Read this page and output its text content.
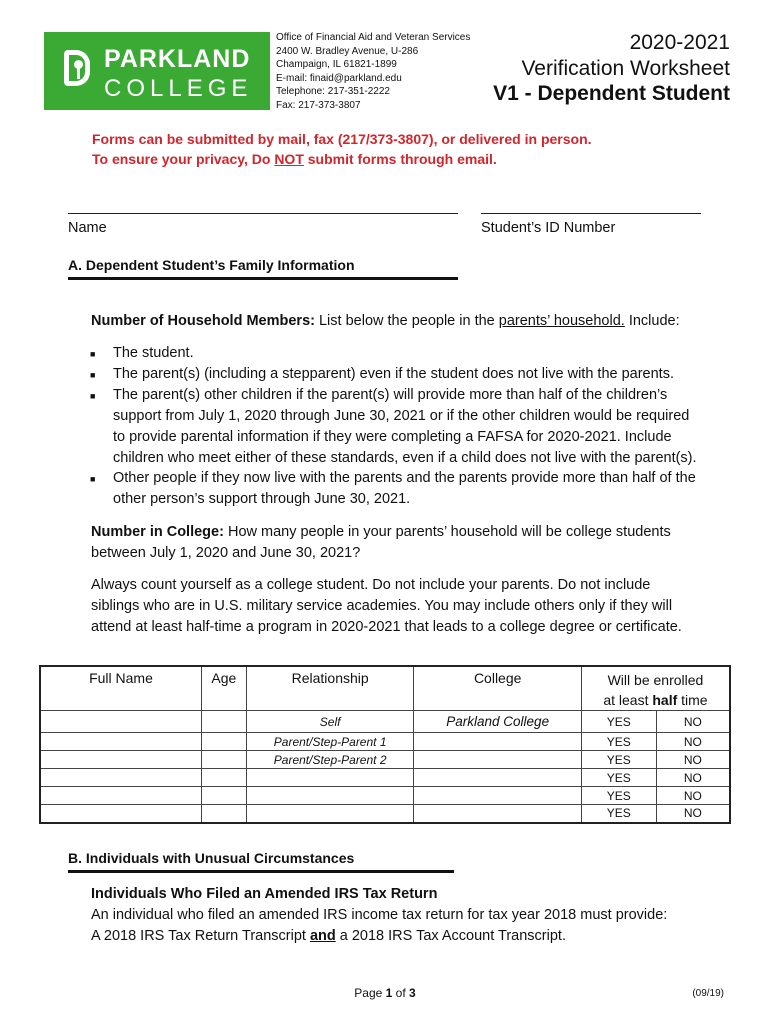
PARKLAND
COLLEGE
Office of Financial Aid and Veteran Services
2400 W. Bradley Avenue, U-286
Champaign, IL 61821-1899
E-mail: finaid@parkland.edu
Telephone: 217-351-2222
Fax: 217-373-3807
2020-2021
Verification Worksheet
V1 - Dependent Student
Forms can be submitted by mail, fax (217/373-3807), or delivered in person.
To ensure your privacy, Do NOT submit forms through email.
Name	Student’s ID Number
A. Dependent Student’s Family Information
Number of Household Members: List below the people in the parents’ household. Include:
■ The student.
■ The parent(s) (including a stepparent) even if the student does not live with the parents.
■ The parent(s) other children if the parent(s) will provide more than half of the children’s
support from July 1, 2020 through June 30, 2021 or if the other children would be required
to provide parental information if they were completing a FAFSA for 2020-2021. Include
children who meet either of these standards, even if a child does not live with the parent(s).
■ Other people if they now live with the parents and the parents provide more than half of the
other person’s support through June 30, 2021.
Number in College: How many people in your parents’ household will be college students
between July 1, 2020 and June 30, 2021?
Always count yourself as a college student. Do not include your parents. Do not include
siblings who are in U.S. military service academies. You may include others only if they will
attend at least half-time a program in 2020-2021 that leads to a college degree or certificate.
Full Name	Age	Relationship	College	Will be enrolled
at least half time	

		Self	Parkland College	YES	NO
		Parent/Step-Parent 1		YES	NO
		Parent/Step-Parent 2		YES	NO
				YES	NO
				YES	NO
				YES	NO
B. Individuals with Unusual Circumstances
Individuals Who Filed an Amended IRS Tax Return
An individual who filed an amended IRS income tax return for tax year 2018 must provide:
A 2018 IRS Tax Return Transcript and a 2018 IRS Tax Account Transcript.
Page 1 of 3	(09/19)
